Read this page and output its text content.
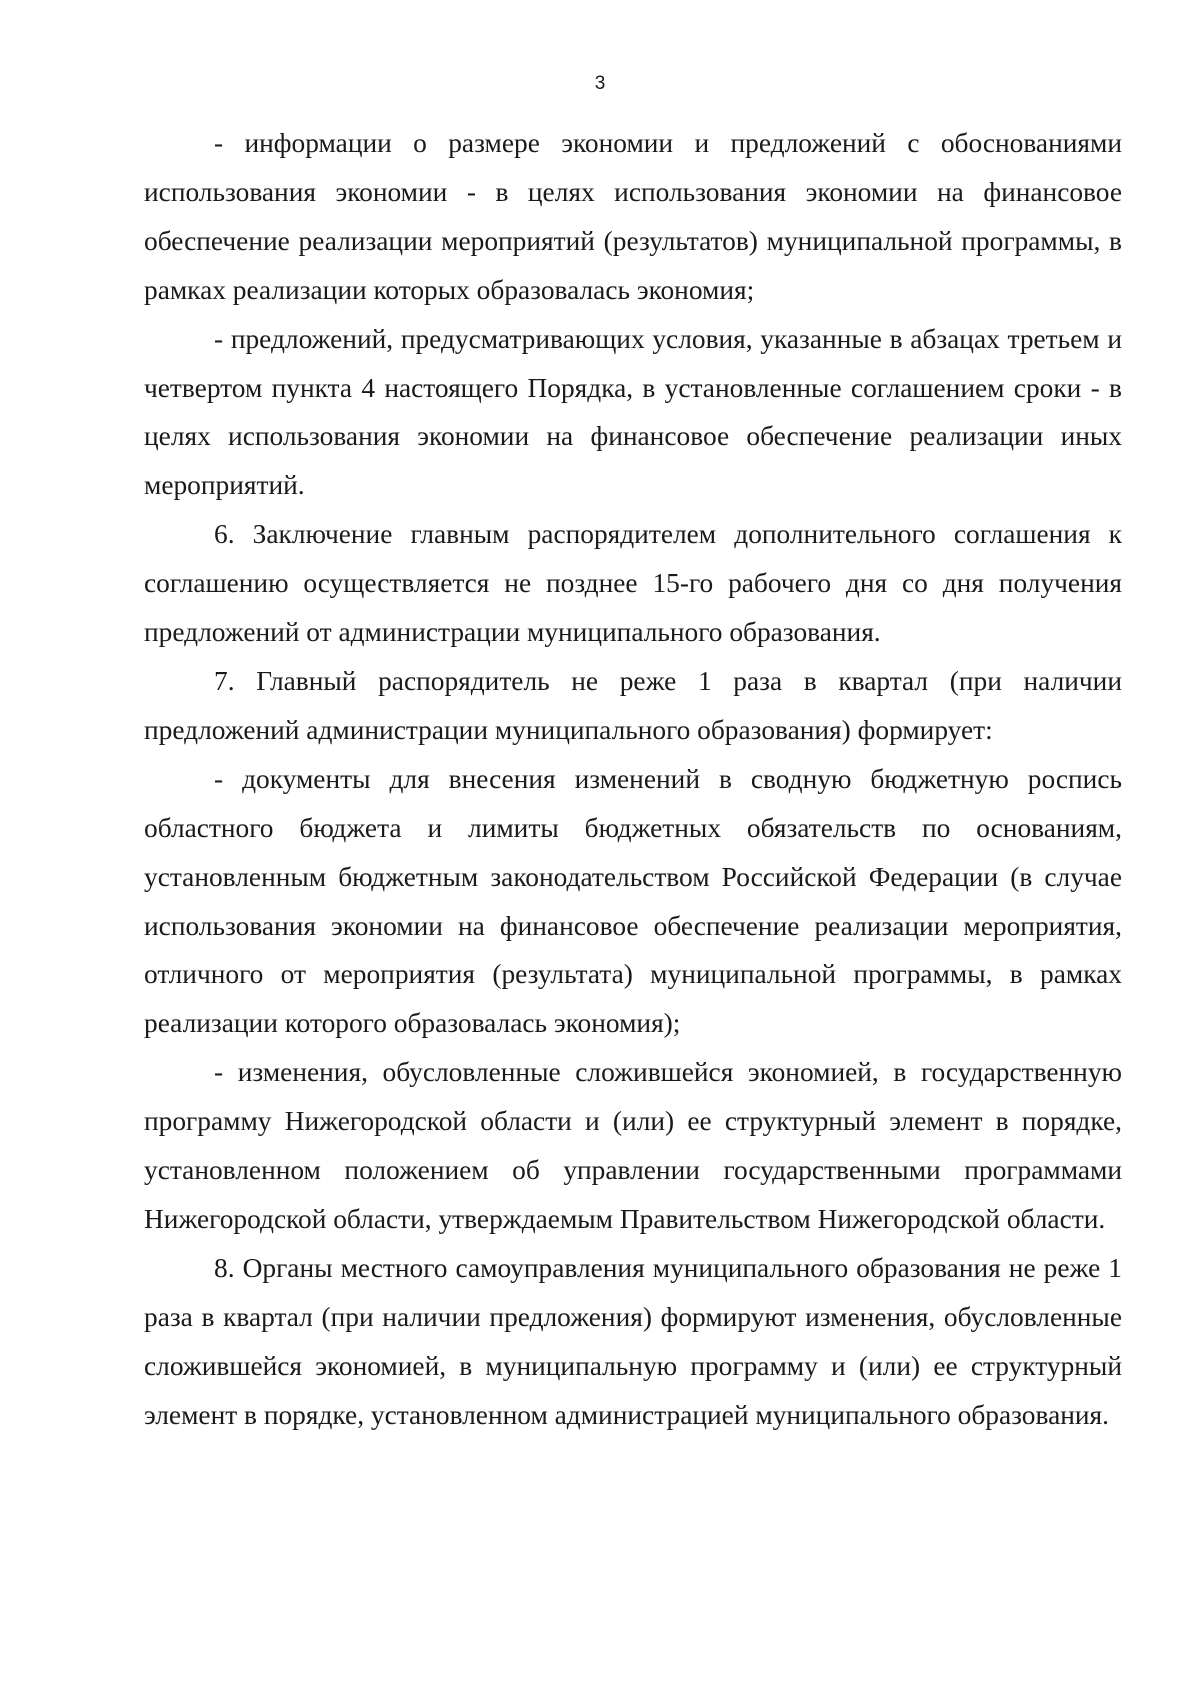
3

- информации о размере экономии и предложений с обоснованиями использования экономии - в целях использования экономии на финансовое обеспечение реализации мероприятий (результатов) муниципальной программы, в рамках реализации которых образовалась экономия;

- предложений, предусматривающих условия, указанные в абзацах третьем и четвертом пункта 4 настоящего Порядка, в установленные соглашением сроки - в целях использования экономии на финансовое обеспечение реализации иных мероприятий.

6. Заключение главным распорядителем дополнительного соглашения к соглашению осуществляется не позднее 15-го рабочего дня со дня получения предложений от администрации муниципального образования.

7. Главный распорядитель не реже 1 раза в квартал (при наличии предложений администрации муниципального образования) формирует:

- документы для внесения изменений в сводную бюджетную роспись областного бюджета и лимиты бюджетных обязательств по основаниям, установленным бюджетным законодательством Российской Федерации (в случае использования экономии на финансовое обеспечение реализации мероприятия, отличного от мероприятия (результата) муниципальной программы, в рамках реализации которого образовалась экономия);

- изменения, обусловленные сложившейся экономией, в государственную программу Нижегородской области и (или) ее структурный элемент в порядке, установленном положением об управлении государственными программами Нижегородской области, утверждаемым Правительством Нижегородской области.

8. Органы местного самоуправления муниципального образования не реже 1 раза в квартал (при наличии предложения) формируют изменения, обусловленные сложившейся экономией, в муниципальную программу и (или) ее структурный элемент в порядке, установленном администрацией муниципального образования.
